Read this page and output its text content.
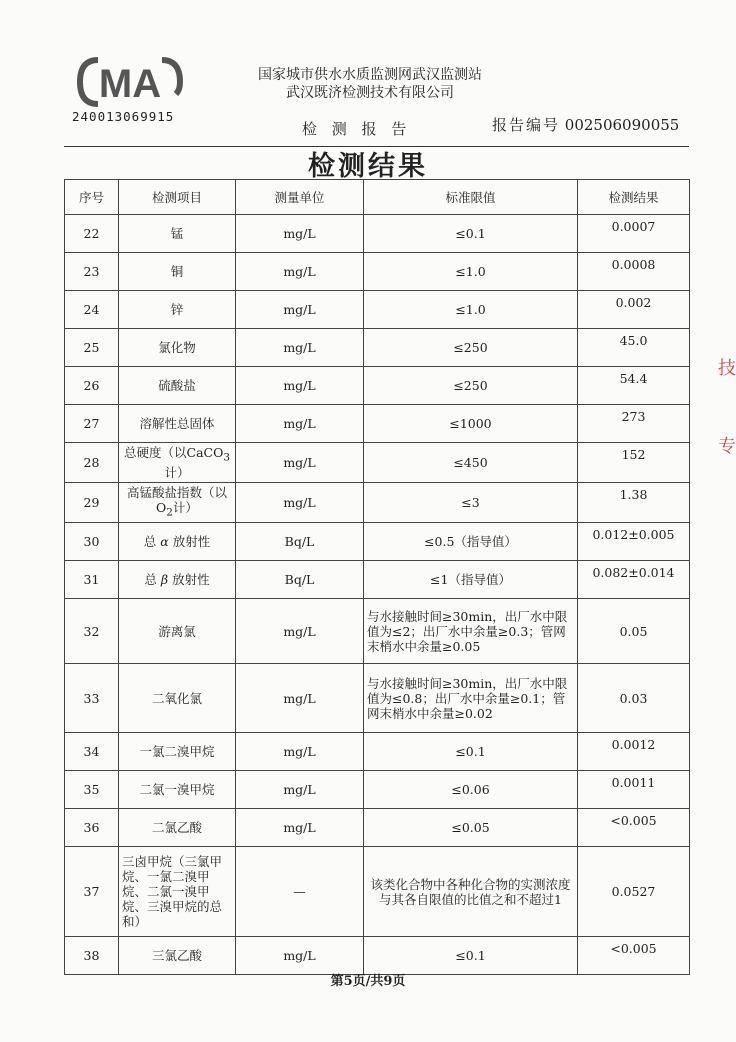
MA
240013069915
国家城市供水水质监测网武汉监测站
武汉既济检测技术有限公司
检 测 报 告	报告编号 002506090055
检测结果
序号	检测项目	测量单位	标准限值	检测结果
22	锰	mg/L	≤0.1	0.0007
23	铜	mg/L	≤1.0	0.0008
24	锌	mg/L	≤1.0	0.002
25	氯化物	mg/L	≤250	45.0
26	硫酸盐	mg/L	≤250	54.4
27	溶解性总固体	mg/L	≤1000	273
28	总硬度（以CaCO$_3$计）	mg/L	≤450	152
29	高锰酸盐指数（以$O_2$计）	mg/L	≤3	1.38
30	总 α 放射性	Bq/L	≤0.5（指导值）	0.012±0.005
31	总 β 放射性	Bq/L	≤1（指导值）	0.082±0.014
32	游离氯	mg/L	与水接触时间≥30min，出厂水中限值为≤2；出厂水中余量≥0.3；管网末梢水中余量≥0.05	0.05
33	二氧化氯	mg/L	与水接触时间≥30min，出厂水中限值为≤0.8；出厂水中余量≥0.1；管网末梢水中余量≥0.02	0.03
34	一氯二溴甲烷	mg/L	≤0.1	0.0012
35	二氯一溴甲烷	mg/L	≤0.06	0.0011
36	二氯乙酸	mg/L	≤0.05	<0.005
37	三卤甲烷（三氯甲烷、一氯二溴甲烷、二氯一溴甲烷、三溴甲烷的总和）	—	该类化合物中各种化合物的实测浓度与其各自限值的比值之和不超过1	0.0527
38	三氯乙酸	mg/L	≤0.1	<0.005
第5页/共9页
技
专
